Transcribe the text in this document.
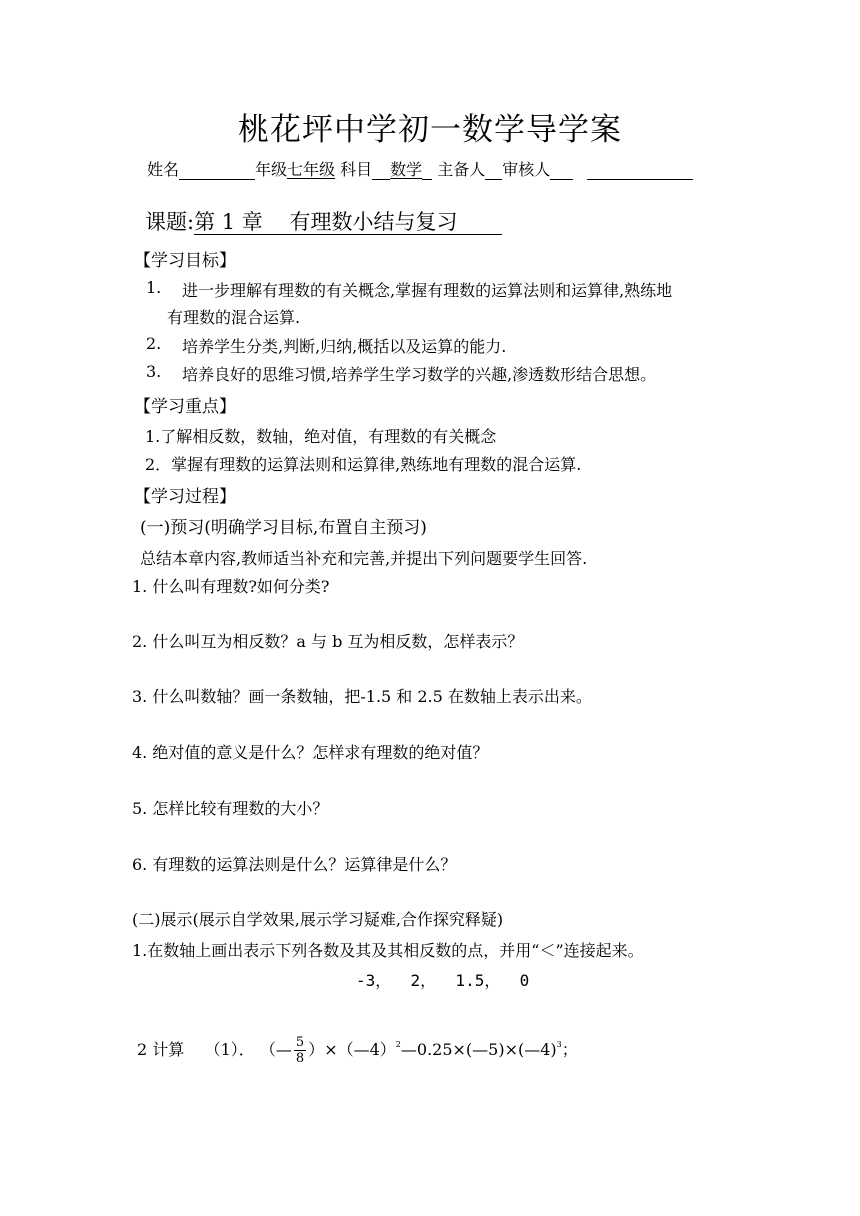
桃花坪中学初一数学导学案
姓名	年级七年级 科目 数学 主备人 审核人
课题:第 1 章    有理数小结与复习
【学习目标】
1. 进一步理解有理数的有关概念,掌握有理数的运算法则和运算律,熟练地
有理数的混合运算.
2. 培养学生分类,判断,归纳,概括以及运算的能力.
3. 培养良好的思维习惯,培养学生学习数学的兴趣,渗透数形结合思想。
【学习重点】
1.了解相反数，数轴，绝对值，有理数的有关概念
2．掌握有理数的运算法则和运算律,熟练地有理数的混合运算.
【学习过程】
(一)预习(明确学习目标,布置自主预习)
总结本章内容,教师适当补充和完善,并提出下列问题要学生回答.
1. 什么叫有理数?如何分类?
2. 什么叫互为相反数？a 与 b 互为相反数，怎样表示？
3. 什么叫数轴？画一条数轴，把-1.5 和 2.5 在数轴上表示出来。
4. 绝对值的意义是什么？怎样求有理数的绝对值？
5. 怎样比较有理数的大小？
6. 有理数的运算法则是什么？运算律是什么？
(二)展示(展示自学效果,展示学习疑难,合作探究释疑)
1.在数轴上画出表示下列各数及其及其相反数的点，并用“＜”连接起来。
-3，  2，  1.5，  0
2 计算 （1）． （— $\frac{5}{8}$ ）×（—4）$^2$—0.25×(—5)×(—4)$^3$；
